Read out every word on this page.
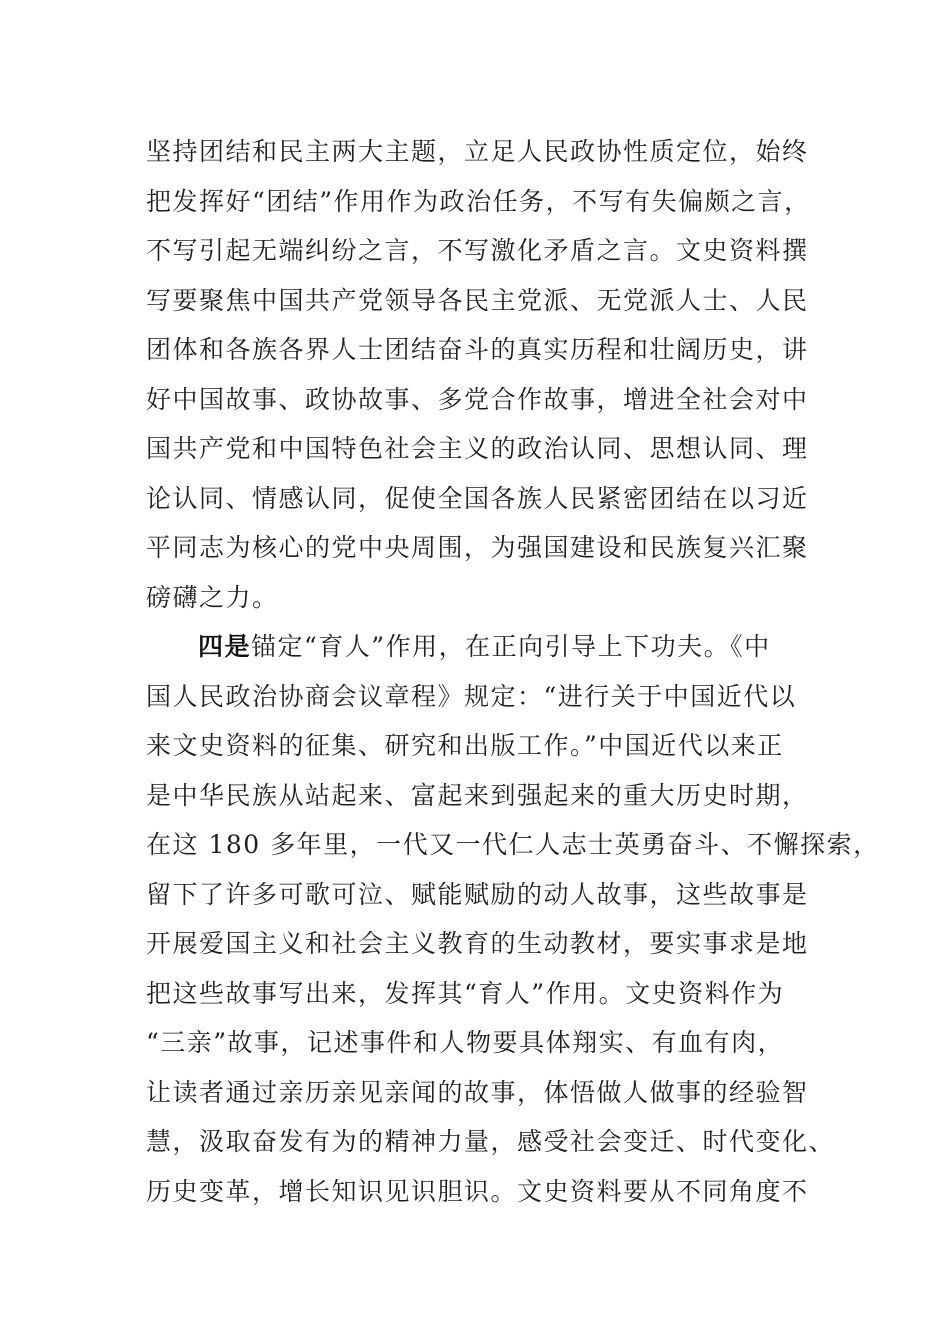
坚持团结和民主两大主题，立足人民政协性质定位，始终
把发挥好“团结”作用作为政治任务，不写有失偏颇之言，
不写引起无端纠纷之言，不写激化矛盾之言。文史资料撰
写要聚焦中国共产党领导各民主党派、无党派人士、人民
团体和各族各界人士团结奋斗的真实历程和壮阔历史，讲
好中国故事、政协故事、多党合作故事，增进全社会对中
国共产党和中国特色社会主义的政治认同、思想认同、理
论认同、情感认同，促使全国各族人民紧密团结在以习近
平同志为核心的党中央周围，为强国建设和民族复兴汇聚
磅礴之力。
四是锚定“育人”作用，在正向引导上下功夫。《中
国人民政治协商会议章程》规定：“进行关于中国近代以
来文史资料的征集、研究和出版工作。”中国近代以来正
是中华民族从站起来、富起来到强起来的重大历史时期，
在这 180 多年里，一代又一代仁人志士英勇奋斗、不懈探索，
留下了许多可歌可泣、赋能赋励的动人故事，这些故事是
开展爱国主义和社会主义教育的生动教材，要实事求是地
把这些故事写出来，发挥其“育人”作用。文史资料作为
“三亲”故事，记述事件和人物要具体翔实、有血有肉，
让读者通过亲历亲见亲闻的故事，体悟做人做事的经验智
慧，汲取奋发有为的精神力量，感受社会变迁、时代变化、
历史变革，增长知识见识胆识。文史资料要从不同角度不
